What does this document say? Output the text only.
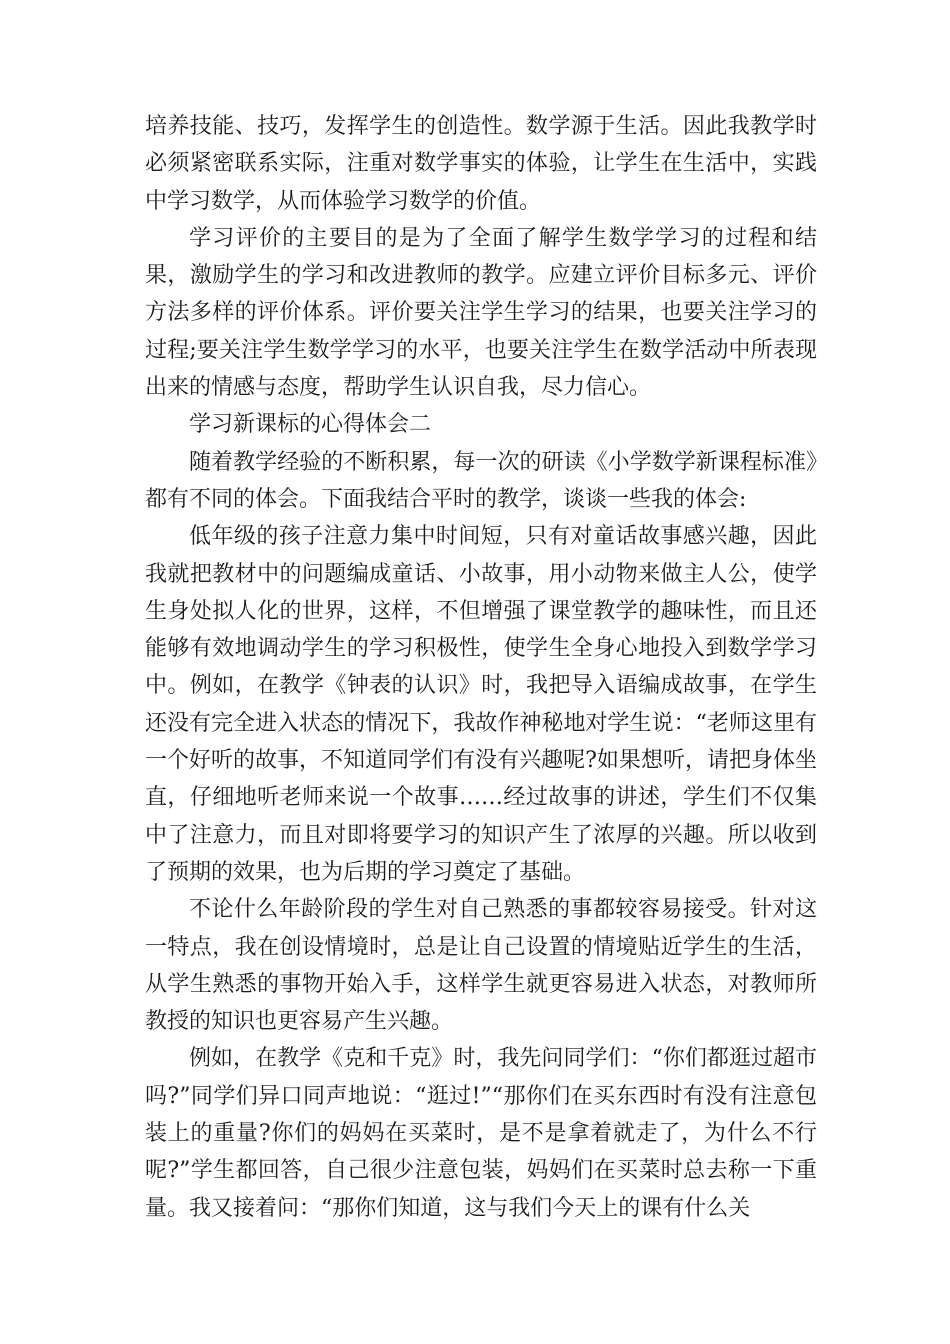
培养技能、技巧，发挥学生的创造性。数学源于生活。因此我教学时必须紧密联系实际，注重对数学事实的体验，让学生在生活中，实践中学习数学，从而体验学习数学的价值。

学习评价的主要目的是为了全面了解学生数学学习的过程和结果，激励学生的学习和改进教师的教学。应建立评价目标多元、评价方法多样的评价体系。评价要关注学生学习的结果，也要关注学习的过程;要关注学生数学学习的水平，也要关注学生在数学活动中所表现出来的情感与态度，帮助学生认识自我，尽力信心。

学习新课标的心得体会二

随着教学经验的不断积累，每一次的研读《小学数学新课程标准》都有不同的体会。下面我结合平时的教学，谈谈一些我的体会:

低年级的孩子注意力集中时间短，只有对童话故事感兴趣，因此我就把教材中的问题编成童话、小故事，用小动物来做主人公，使学生身处拟人化的世界，这样，不但增强了课堂教学的趣味性，而且还能够有效地调动学生的学习积极性，使学生全身心地投入到数学学习中。例如，在教学《钟表的认识》时，我把导入语编成故事，在学生还没有完全进入状态的情况下，我故作神秘地对学生说：“老师这里有一个好听的故事，不知道同学们有没有兴趣呢?如果想听，请把身体坐直，仔细地听老师来说一个故事……经过故事的讲述，学生们不仅集中了注意力，而且对即将要学习的知识产生了浓厚的兴趣。所以收到了预期的效果，也为后期的学习奠定了基础。

不论什么年龄阶段的学生对自己熟悉的事都较容易接受。针对这一特点，我在创设情境时，总是让自己设置的情境贴近学生的生活，从学生熟悉的事物开始入手，这样学生就更容易进入状态，对教师所教授的知识也更容易产生兴趣。

例如，在教学《克和千克》时，我先问同学们：“你们都逛过超市吗?”同学们异口同声地说：“逛过!”“那你们在买东西时有没有注意包装上的重量?你们的妈妈在买菜时，是不是拿着就走了，为什么不行呢?”学生都回答，自己很少注意包装，妈妈们在买菜时总去称一下重量。我又接着问：“那你们知道，这与我们今天上的课有什么关
